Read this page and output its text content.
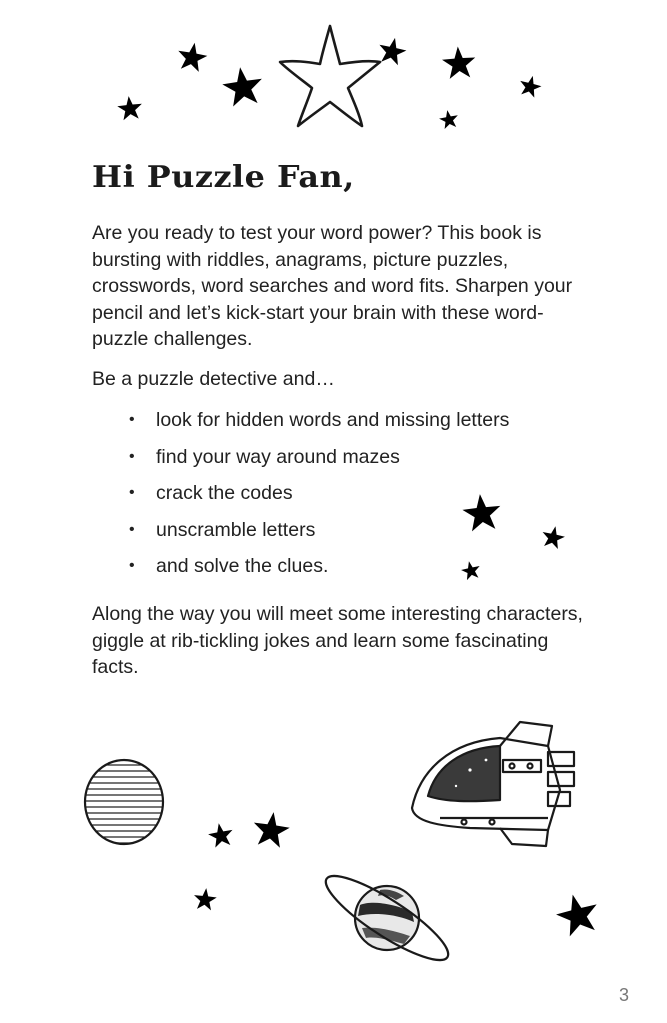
Hi Puzzle Fan,

Are you ready to test your word power? This book is bursting with riddles, anagrams, picture puzzles, crosswords, word searches and word fits. Sharpen your pencil and let’s kick-start your brain with these word-puzzle challenges.

Be a puzzle detective and…

• look for hidden words and missing letters
• find your way around mazes
• crack the codes
• unscramble letters
• and solve the clues.

Along the way you will meet some interesting characters, giggle at rib-tickling jokes and learn some fascinating facts.

3
